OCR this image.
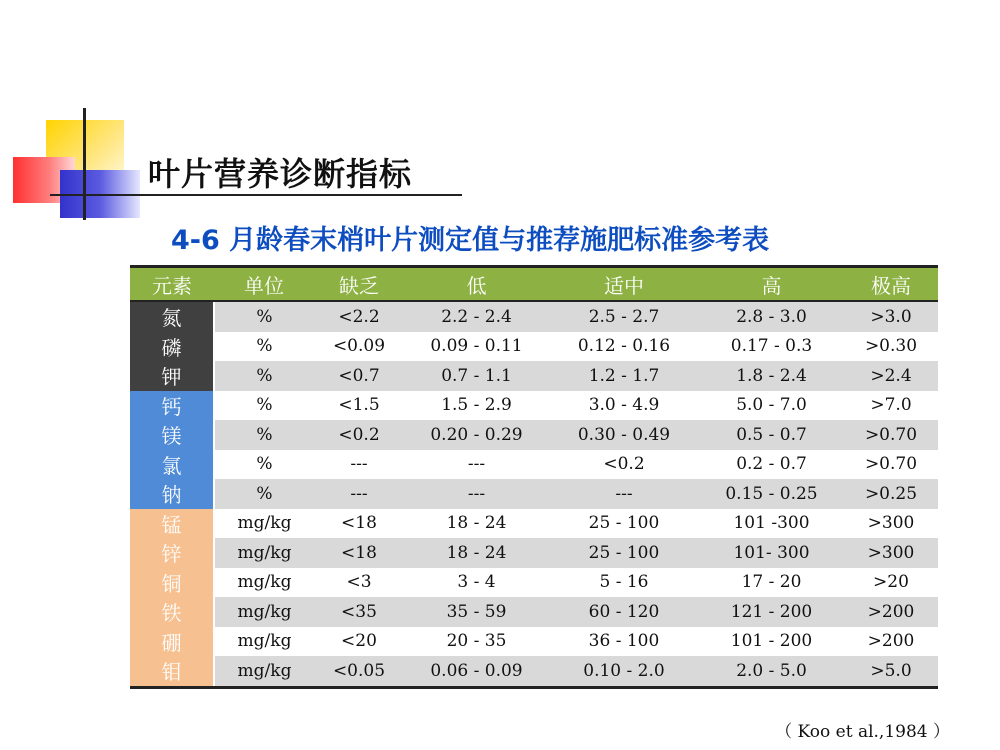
叶片营养诊断指标
4-6 月龄春末梢叶片测定值与推荐施肥标准参考表
元素	单位	缺乏	低	适中	高	极高
氮	%	<2.2	2.2 - 2.4	2.5 - 2.7	2.8 - 3.0	>3.0
磷	%	<0.09	0.09 - 0.11	0.12 - 0.16	0.17 - 0.3	>0.30
钾	%	<0.7	0.7 - 1.1	1.2 - 1.7	1.8 - 2.4	>2.4
钙	%	<1.5	1.5 - 2.9	3.0 - 4.9	5.0 - 7.0	>7.0
镁	%	<0.2	0.20 - 0.29	0.30 - 0.49	0.5 - 0.7	>0.70
氯	%	---	---	<0.2	0.2 - 0.7	>0.70
钠	%	---	---	---	0.15 - 0.25	>0.25
锰	mg/kg	<18	18 - 24	25 - 100	101 -300	>300
锌	mg/kg	<18	18 - 24	25 - 100	101- 300	>300
铜	mg/kg	<3	3 - 4	5 - 16	17 - 20	>20
铁	mg/kg	<35	35 - 59	60 - 120	121 - 200	>200
硼	mg/kg	<20	20 - 35	36 - 100	101 - 200	>200
钼	mg/kg	<0.05	0.06 - 0.09	0.10 - 2.0	2.0 - 5.0	>5.0
（ Koo et al.,1984 ）
